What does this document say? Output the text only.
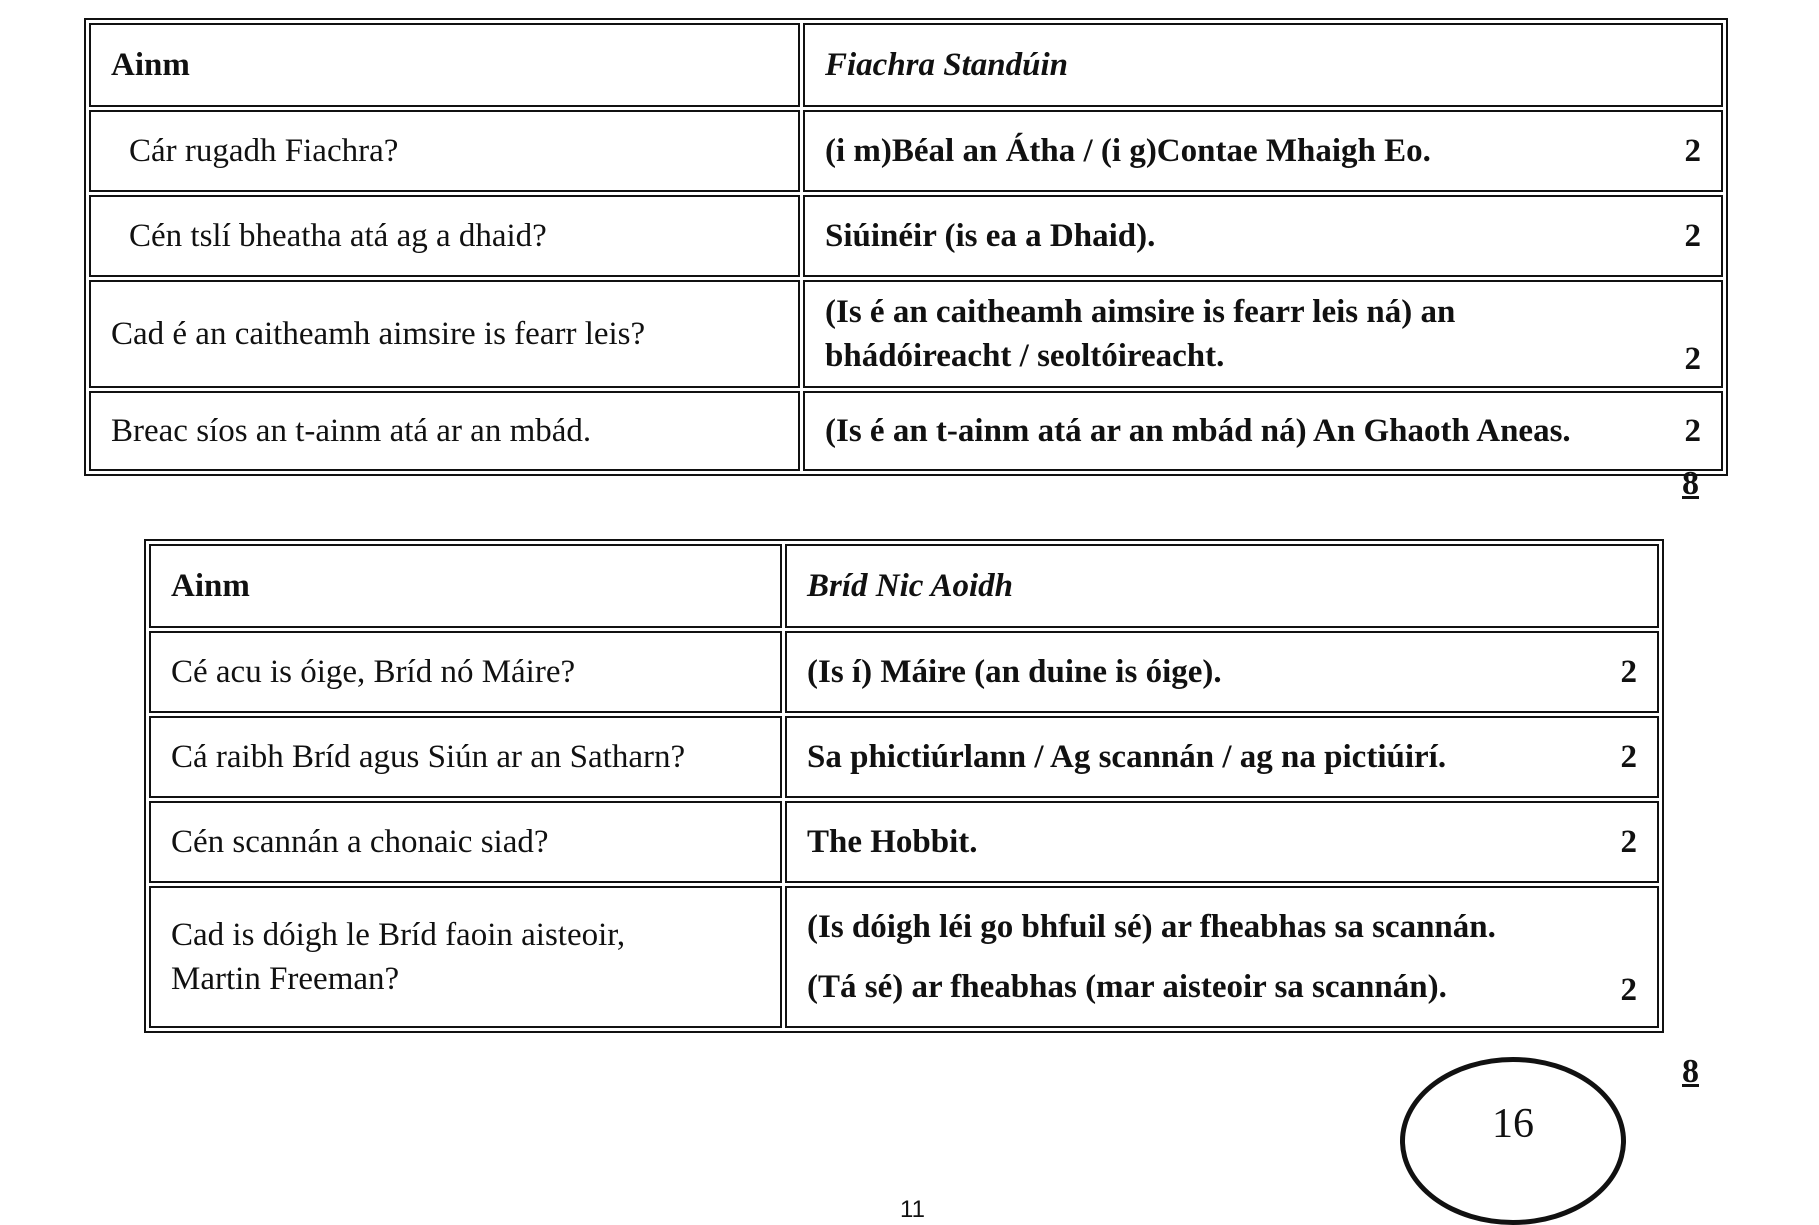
Ainm	Fiachra Standúin
Cár rugadh Fiachra?	(i m)Béal an Átha / (i g)Contae Mhaigh Eo. 2

Cén tslí bheatha atá ag a dhaid?	Siúinéir (is ea a Dhaid). 2

Cad é an caitheamh aimsire is fearr leis?	(Is é an caitheamh aimsire is fearr leis ná) an
bhádóireacht / seoltóireacht. 2

Breac síos an t-ainm atá ar an mbád.	(Is é an t-ainm atá ar an mbád ná) An Ghaoth Aneas. 2
8
Ainm	Bríd Nic Aoidh
Cé acu is óige, Bríd nó Máire?	(Is í) Máire (an duine is óige). 2

Cá raibh Bríd agus Siún ar an Satharn?	Sa phictiúrlann / Ag scannán / ag na pictiúirí. 2

Cén scannán a chonaic siad?	The Hobbit. 2

Cad is dóigh le Bríd faoin aisteoir,
Martin Freeman?	(Is dóigh léi go bhfuil sé) ar fheabhas sa scannán.
(Tá sé) ar fheabhas (mar aisteoir sa scannán). 2
8
16
11
